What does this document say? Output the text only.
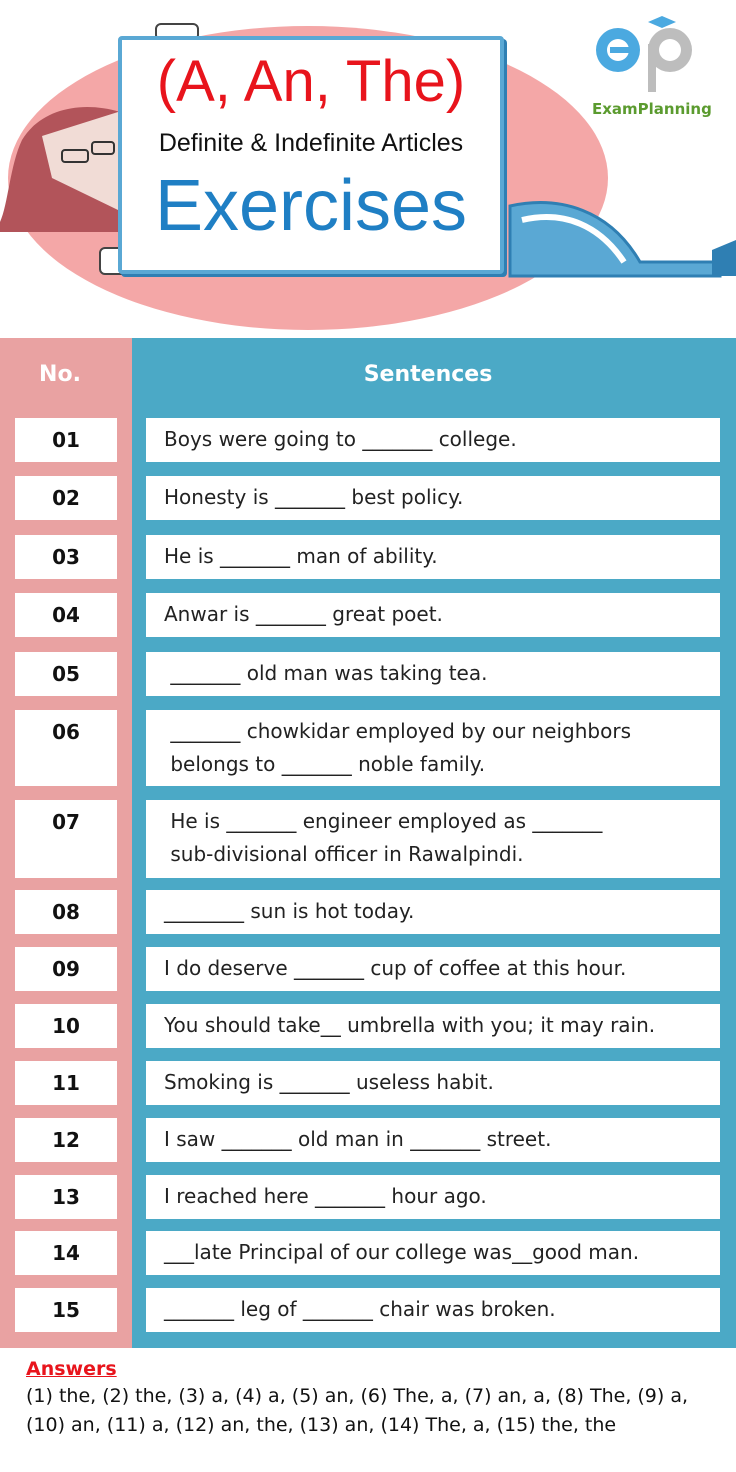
(A, An, The)
Definite & Indefinite Articles
Exercises
ExamPlanning
No.	Sentences
01	Boys were going to _______ college.
02	Honesty is _______ best policy.
03	He is _______ man of ability.
04	Anwar is _______ great poet.
05	_______ old man was taking tea.
06	_______ chowkidar employed by our neighbors
belongs to _______ noble family.
07	He is _______ engineer employed as _______
sub-divisional officer in Rawalpindi.
08	________ sun is hot today.
09	I do deserve _______ cup of coffee at this hour.
10	You should take__ umbrella with you; it may rain.
11	Smoking is _______ useless habit.
12	I saw _______ old man in _______ street.
13	I reached here _______ hour ago.
14	___late Principal of our college was__good man.
15	_______ leg of _______ chair was broken.
Answers
(1) the, (2) the, (3) a, (4) a, (5) an, (6) The, a, (7) an, a, (8) The, (9) a,
(10) an, (11) a, (12) an, the, (13) an, (14) The, a, (15) the, the
